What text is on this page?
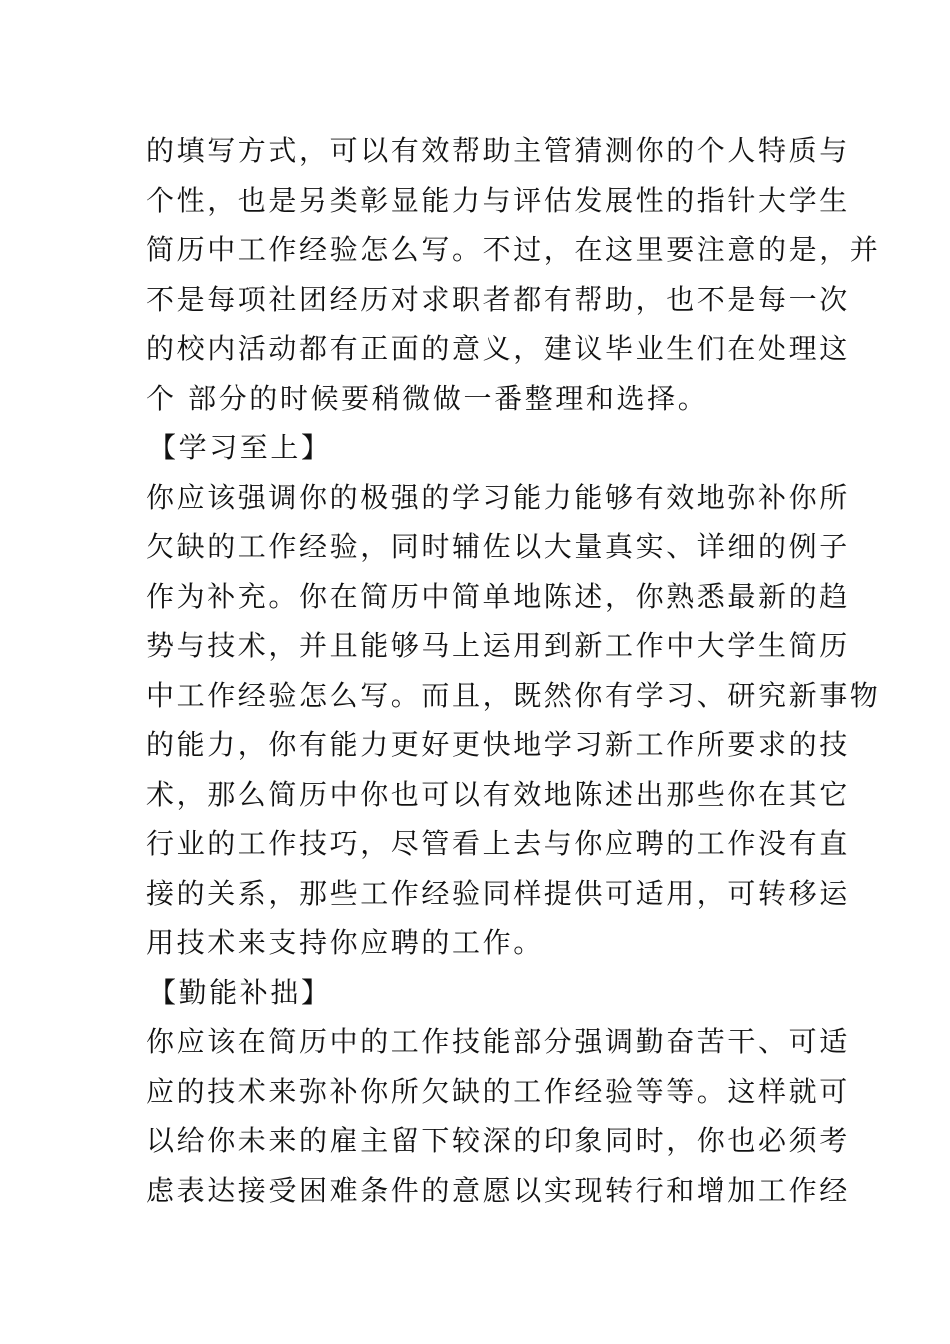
的填写方式，可以有效帮助主管猜测你的个人特质与
个性，也是另类彰显能力与评估发展性的指针大学生
简历中工作经验怎么写。不过，在这里要注意的是，并
不是每项社团经历对求职者都有帮助，也不是每一次
的校内活动都有正面的意义，建议毕业生们在处理这
个 部分的时候要稍微做一番整理和选择。
【学习至上】
你应该强调你的极强的学习能力能够有效地弥补你所
欠缺的工作经验，同时辅佐以大量真实、详细的例子
作为补充。你在简历中简单地陈述，你熟悉最新的趋
势与技术，并且能够马上运用到新工作中大学生简历
中工作经验怎么写。而且，既然你有学习、研究新事物
的能力，你有能力更好更快地学习新工作所要求的技
术，那么简历中你也可以有效地陈述出那些你在其它
行业的工作技巧，尽管看上去与你应聘的工作没有直
接的关系，那些工作经验同样提供可适用，可转移运
用技术来支持你应聘的工作。
【勤能补拙】
你应该在简历中的工作技能部分强调勤奋苦干、可适
应的技术来弥补你所欠缺的工作经验等等。这样就可
以给你未来的雇主留下较深的印象同时，你也必须考
虑表达接受困难条件的意愿以实现转行和增加工作经
